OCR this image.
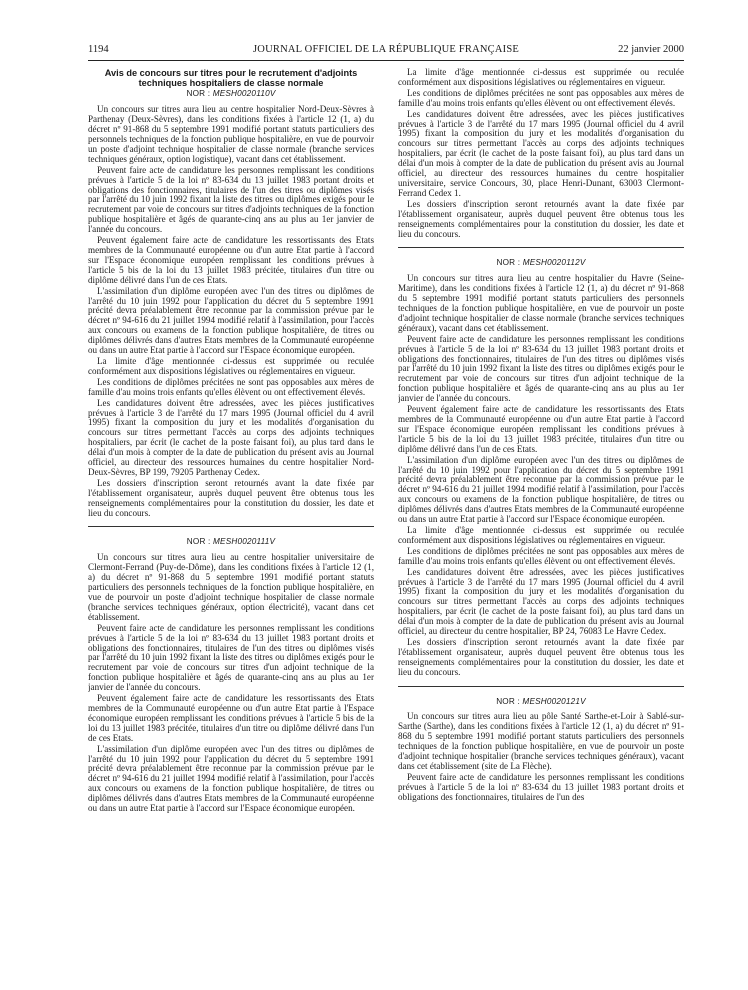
1194	JOURNAL OFFICIEL DE LA RÉPUBLIQUE FRANÇAISE	22 janvier 2000
Avis de concours sur titres pour le recrutement d'adjoints techniques hospitaliers de classe normale
NOR : MESH0020110V

Un concours sur titres aura lieu au centre hospitalier Nord-Deux-Sèvres à Parthenay (Deux-Sèvres), dans les conditions fixées à l'article 12 (1, a) du décret nº 91-868 du 5 septembre 1991 modifié portant statuts particuliers des personnels techniques de la fonction publique hospitalière, en vue de pourvoir un poste d'adjoint technique hospitalier de classe normale (branche services techniques généraux, option logistique), vacant dans cet établissement.

Peuvent faire acte de candidature les personnes remplissant les conditions prévues à l'article 5 de la loi nº 83-634 du 13 juillet 1983 portant droits et obligations des fonctionnaires, titulaires de l'un des titres ou diplômes visés par l'arrêté du 10 juin 1992 fixant la liste des titres ou diplômes exigés pour le recrutement par voie de concours sur titres d'adjoints techniques de la fonction publique hospitalière et âgés de quarante-cinq ans au plus au 1er janvier de l'année du concours.

Peuvent également faire acte de candidature les ressortissants des Etats membres de la Communauté européenne ou d'un autre Etat partie à l'accord sur l'Espace économique européen remplissant les conditions prévues à l'article 5 bis de la loi du 13 juillet 1983 précitée, titulaires d'un titre ou diplôme délivré dans l'un de ces Etats.

L'assimilation d'un diplôme européen avec l'un des titres ou diplômes de l'arrêté du 10 juin 1992 pour l'application du décret du 5 septembre 1991 précité devra préalablement être reconnue par la commission prévue par le décret nº 94-616 du 21 juillet 1994 modifié relatif à l'assimilation, pour l'accès aux concours ou examens de la fonction publique hospitalière, de titres ou diplômes délivrés dans d'autres Etats membres de la Communauté européenne ou dans un autre Etat partie à l'accord sur l'Espace économique européen.

La limite d'âge mentionnée ci-dessus est supprimée ou reculée conformément aux dispositions législatives ou réglementaires en vigueur.

Les conditions de diplômes précitées ne sont pas opposables aux mères de famille d'au moins trois enfants qu'elles élèvent ou ont effectivement élevés.

Les candidatures doivent être adressées, avec les pièces justificatives prévues à l'article 3 de l'arrêté du 17 mars 1995 (Journal officiel du 4 avril 1995) fixant la composition du jury et les modalités d'organisation du concours sur titres permettant l'accès au corps des adjoints techniques hospitaliers, par écrit (le cachet de la poste faisant foi), au plus tard dans le délai d'un mois à compter de la date de publication du présent avis au Journal officiel, au directeur des ressources humaines du centre hospitalier Nord-Deux-Sèvres, BP 199, 79205 Parthenay Cedex.

Les dossiers d'inscription seront retournés avant la date fixée par l'établissement organisateur, auprès duquel peuvent être obtenus tous les renseignements complémentaires pour la constitution du dossier, les date et lieu du concours.

NOR : MESH0020111V

Un concours sur titres aura lieu au centre hospitalier universitaire de Clermont-Ferrand (Puy-de-Dôme), dans les conditions fixées à l'article 12 (1, a) du décret nº 91-868 du 5 septembre 1991 modifié portant statuts particuliers des personnels techniques de la fonction publique hospitalière, en vue de pourvoir un poste d'adjoint technique hospitalier de classe normale (branche services techniques généraux, option électricité), vacant dans cet établissement.

Peuvent faire acte de candidature les personnes remplissant les conditions prévues à l'article 5 de la loi nº 83-634 du 13 juillet 1983 portant droits et obligations des fonctionnaires, titulaires de l'un des titres ou diplômes visés par l'arrêté du 10 juin 1992 fixant la liste des titres ou diplômes exigés pour le recrutement par voie de concours sur titres d'un adjoint technique de la fonction publique hospitalière et âgés de quarante-cinq ans au plus au 1er janvier de l'année du concours.

Peuvent également faire acte de candidature les ressortissants des Etats membres de la Communauté européenne ou d'un autre Etat partie à l'Espace économique européen remplissant les conditions prévues à l'article 5 bis de la loi du 13 juillet 1983 précitée, titulaires d'un titre ou diplôme délivré dans l'un de ces Etats.

L'assimilation d'un diplôme européen avec l'un des titres ou diplômes de l'arrêté du 10 juin 1992 pour l'application du décret du 5 septembre 1991 précité devra préalablement être reconnue par la commission prévue par le décret nº 94-616 du 21 juillet 1994 modifié relatif à l'assimilation, pour l'accès aux concours ou examens de la fonction publique hospitalière, de titres ou diplômes délivrés dans d'autres Etats membres de la Communauté européenne ou dans un autre Etat partie à l'accord sur l'Espace économique européen.

La limite d'âge mentionnée ci-dessus est supprimée ou reculée conformément aux dispositions législatives ou réglementaires en vigueur.

Les conditions de diplômes précitées ne sont pas opposables aux mères de famille d'au moins trois enfants qu'elles élèvent ou ont effectivement élevés.

Les candidatures doivent être adressées, avec les pièces justificatives prévues à l'article 3 de l'arrêté du 17 mars 1995 (Journal officiel du 4 avril 1995) fixant la composition du jury et les modalités d'organisation du concours sur titres permettant l'accès au corps des adjoints techniques hospitaliers, par écrit (le cachet de la poste faisant foi), au plus tard dans un délai d'un mois à compter de la date de publication du présent avis au Journal officiel, au directeur des ressources humaines du centre hospitalier universitaire, service Concours, 30, place Henri-Dunant, 63003 Clermont-Ferrand Cedex 1.

Les dossiers d'inscription seront retournés avant la date fixée par l'établissement organisateur, auprès duquel peuvent être obtenus tous les renseignements complémentaires pour la constitution du dossier, les date et lieu du concours.

NOR : MESH0020112V

Un concours sur titres aura lieu au centre hospitalier du Havre (Seine-Maritime), dans les conditions fixées à l'article 12 (1, a) du décret nº 91-868 du 5 septembre 1991 modifié portant statuts particuliers des personnels techniques de la fonction publique hospitalière, en vue de pourvoir un poste d'adjoint technique hospitalier de classe normale (branche services techniques généraux), vacant dans cet établissement.

Peuvent faire acte de candidature les personnes remplissant les conditions prévues à l'article 5 de la loi nº 83-634 du 13 juillet 1983 portant droits et obligations des fonctionnaires, titulaires de l'un des titres ou diplômes visés par l'arrêté du 10 juin 1992 fixant la liste des titres ou diplômes exigés pour le recrutement par voie de concours sur titres d'un adjoint technique de la fonction publique hospitalière et âgés de quarante-cinq ans au plus au 1er janvier de l'année du concours.

Peuvent également faire acte de candidature les ressortissants des Etats membres de la Communauté européenne ou d'un autre Etat partie à l'accord sur l'Espace économique européen remplissant les conditions prévues à l'article 5 bis de la loi du 13 juillet 1983 précitée, titulaires d'un titre ou diplôme délivré dans l'un de ces Etats.

L'assimilation d'un diplôme européen avec l'un des titres ou diplômes de l'arrêté du 10 juin 1992 pour l'application du décret du 5 septembre 1991 précité devra préalablement être reconnue par la commission prévue par le décret nº 94-616 du 21 juillet 1994 modifié relatif à l'assimilation, pour l'accès aux concours ou examens de la fonction publique hospitalière, de titres ou diplômes délivrés dans d'autres Etats membres de la Communauté européenne ou dans un autre Etat partie à l'accord sur l'Espace économique européen.

La limite d'âge mentionnée ci-dessus est supprimée ou reculée conformément aux dispositions législatives ou réglementaires en vigueur.

Les conditions de diplômes précitées ne sont pas opposables aux mères de famille d'au moins trois enfants qu'elles élèvent ou ont effectivement élevés.

Les candidatures doivent être adressées, avec les pièces justificatives prévues à l'article 3 de l'arrêté du 17 mars 1995 (Journal officiel du 4 avril 1995) fixant la composition du jury et les modalités d'organisation du concours sur titres permettant l'accès au corps des adjoints techniques hospitaliers, par écrit (le cachet de la poste faisant foi), au plus tard dans un délai d'un mois à compter de la date de publication du présent avis au Journal officiel, au directeur du centre hospitalier, BP 24, 76083 Le Havre Cedex.

Les dossiers d'inscription seront retournés avant la date fixée par l'établissement organisateur, auprès duquel peuvent être obtenus tous les renseignements complémentaires pour la constitution du dossier, les date et lieu du concours.

NOR : MESH0020121V

Un concours sur titres aura lieu au pôle Santé Sarthe-et-Loir à Sablé-sur-Sarthe (Sarthe), dans les conditions fixées à l'article 12 (1, a) du décret nº 91-868 du 5 septembre 1991 modifié portant statuts particuliers des personnels techniques de la fonction publique hospitalière, en vue de pourvoir un poste d'adjoint technique hospitalier (branche services techniques généraux), vacant dans cet établissement (site de La Flèche).

Peuvent faire acte de candidature les personnes remplissant les conditions prévues à l'article 5 de la loi nº 83-634 du 13 juillet 1983 portant droits et obligations des fonctionnaires, titulaires de l'un des
